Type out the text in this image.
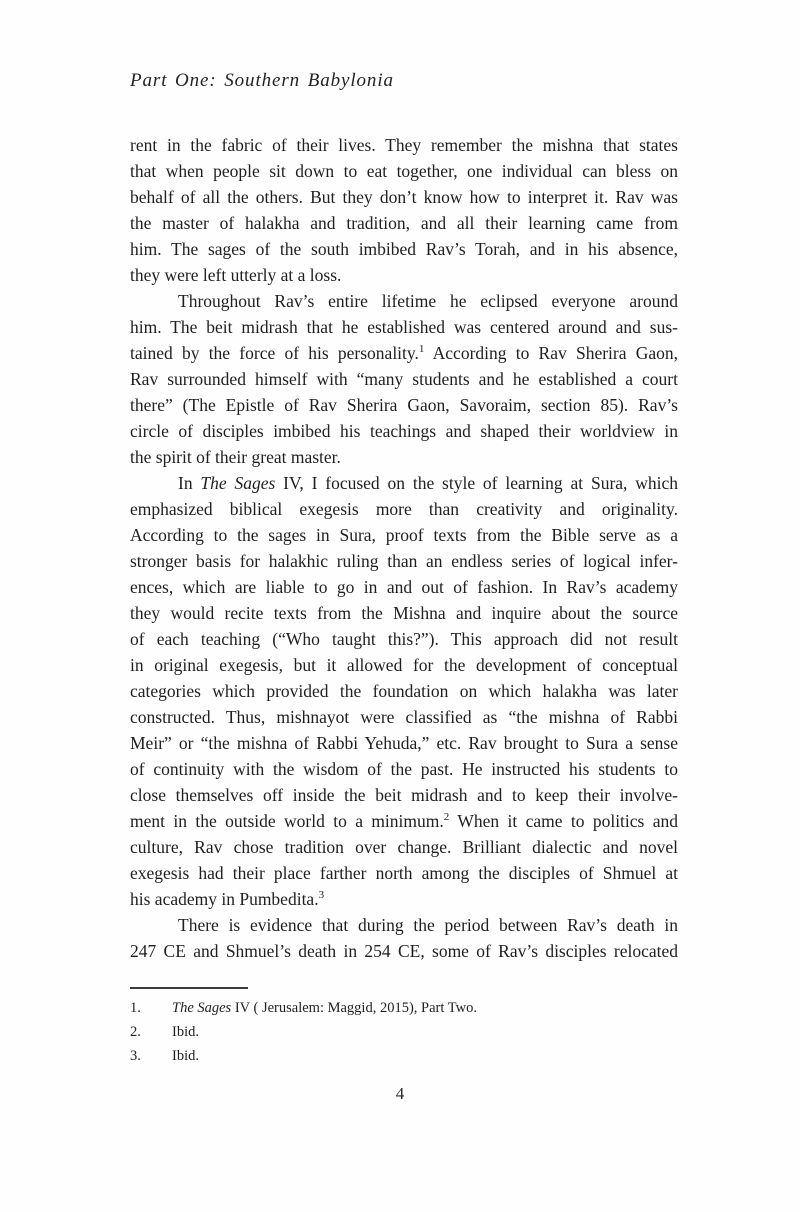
Part One: Southern Babylonia
rent in the fabric of their lives. They remember the mishna that states
that when people sit down to eat together, one individual can bless on
behalf of all the others. But they don’t know how to interpret it. Rav was
the master of halakha and tradition, and all their learning came from
him. The sages of the south imbibed Rav’s Torah, and in his absence,
they were left utterly at a loss.
Throughout Rav’s entire lifetime he eclipsed everyone around
him. The beit midrash that he established was centered around and sus-
tained by the force of his personality.$^1$ According to Rav Sherira Gaon,
Rav surrounded himself with “many students and he established a court
there” (The Epistle of Rav Sherira Gaon, Savoraim, section 85). Rav’s
circle of disciples imbibed his teachings and shaped their worldview in
the spirit of their great master.
In The Sages IV, I focused on the style of learning at Sura, which
emphasized biblical exegesis more than creativity and originality.
According to the sages in Sura, proof texts from the Bible serve as a
stronger basis for halakhic ruling than an endless series of logical infer-
ences, which are liable to go in and out of fashion. In Rav’s academy
they would recite texts from the Mishna and inquire about the source
of each teaching (“Who taught this?”). This approach did not result
in original exegesis, but it allowed for the development of conceptual
categories which provided the foundation on which halakha was later
constructed. Thus, mishnayot were classified as “the mishna of Rabbi
Meir” or “the mishna of Rabbi Yehuda,” etc. Rav brought to Sura a sense
of continuity with the wisdom of the past. He instructed his students to
close themselves off inside the beit midrash and to keep their involve-
ment in the outside world to a minimum.$^2$ When it came to politics and
culture, Rav chose tradition over change. Brilliant dialectic and novel
exegesis had their place farther north among the disciples of Shmuel at
his academy in Pumbedita.$^3$
There is evidence that during the period between Rav’s death in
247 CE and Shmuel’s death in 254 CE, some of Rav’s disciples relocated
1.	The Sages IV ( Jerusalem: Maggid, 2015), Part Two.
2.	Ibid.
3.	Ibid.
4
